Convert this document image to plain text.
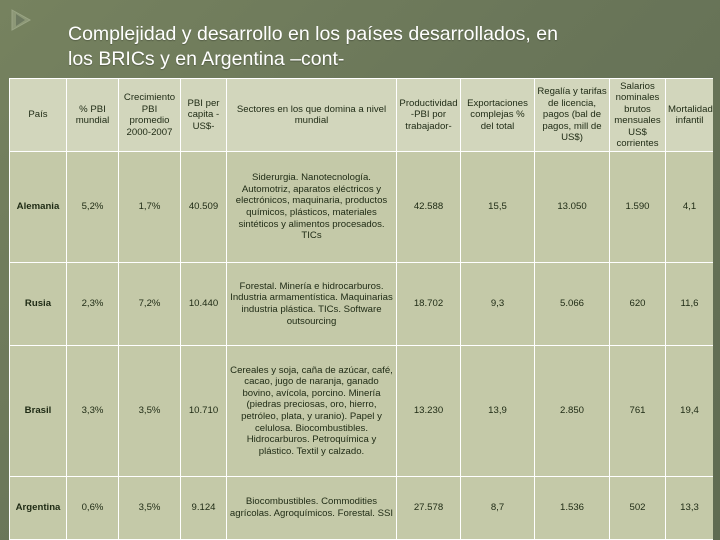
Complejidad y desarrollo en los países desarrollados, en
los BRICs y en Argentina –cont-
País	% PBI mundial	Crecimiento PBI promedio 2000-2007	PBI per capita - US$-	Sectores en los que domina a nivel mundial	Productividad -PBI por trabajador-	Exportaciones complejas % del total	Regalía y tarifas de licencia, pagos (bal de pagos, mill de US$)	Salarios nominales brutos mensuales US$ corrientes	Mortalidad infantil
Alemania	5,2%	1,7%	40.509	Siderurgia. Nanotecnología. Automotriz, aparatos eléctricos y electrónicos, maquinaria, productos químicos, plásticos, materiales sintéticos y alimentos procesados. TICs	42.588	15,5	13.050	1.590	4,1
Rusia	2,3%	7,2%	10.440	Forestal. Minería e hidrocarburos. Industria armamentística. Maquinarias industria plástica. TICs. Software outsourcing	18.702	9,3	5.066	620	11,6
Brasil	3,3%	3,5%	10.710	Cereales y soja, caña de azúcar, café, cacao, jugo de naranja, ganado bovino, avícola, porcino. Minería (piedras preciosas, oro, hierro, petróleo, plata, y uranio). Papel y celulosa. Biocombustibles. Hidrocarburos. Petroquímica y plástico. Textil y calzado.	13.230	13,9	2.850	761	19,4
Argentina	0,6%	3,5%	9.124	Biocombustibles. Commodities agrícolas. Agroquímicos. Forestal. SSI	27.578	8,7	1.536	502	13,3
